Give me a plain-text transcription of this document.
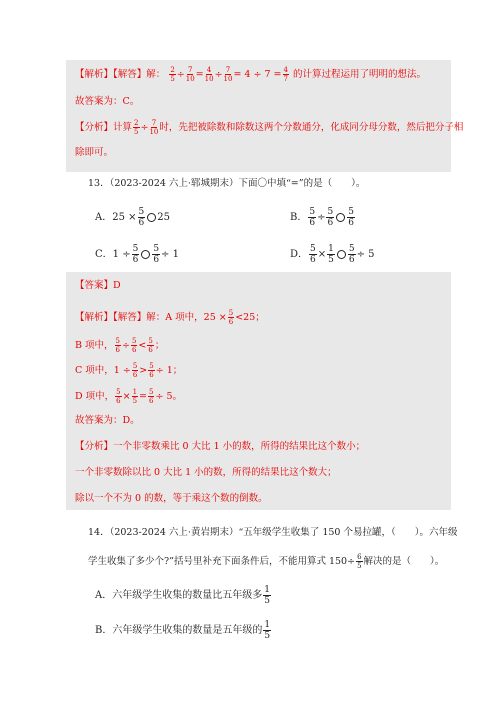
【解析】【解答】解： $\frac{2}{5} \div \frac{7}{10} = \frac{4}{10} \div \frac{7}{10} = 4 \div 7 = \frac{4}{7}$ 的计算过程运用了明明的想法。
故答案为：C。
【分析】计算 $\frac{2}{5} \div \frac{7}{10}$ 时，先把被除数和除数这两个分数通分，化成同分母分数，然后把分子相
除即可。
13．（2023-2024 六上·郓城期末）下面〇中填“=”的是（　　）。
A．$25 \times \frac{5}{6} 25$	B． $\frac{5}{6} \div \frac{5}{6} \frac{5}{6}$
C．$1 \div \frac{5}{6} \frac{5}{6} \div 1$	D． $\frac{5}{6} \times \frac{1}{5} \frac{5}{6} \div 5$
【答案】D
【解析】【解答】解：A 项中，$25 \times \frac{5}{6} <25$；
B 项中， $\frac{5}{6} \div \frac{5}{6} < \frac{5}{6}$ ；
C 项中，$1 \div \frac{5}{6} > \frac{5}{6} \div 1$；
D 项中， $\frac{5}{6} \times \frac{1}{5} = \frac{5}{6} \div 5$。
故答案为：D。
【分析】一个非零数乘比 0 大比 1 小的数，所得的结果比这个数小；
一个非零数除以比 0 大比 1 小的数，所得的结果比这个数大；
除以一个不为 0 的数，等于乘这个数的倒数。
14．（2023-2024 六上·黄岩期末）“五年级学生收集了 150 个易拉罐，（　　）。六年级
学生收集了多少个?”括号里补充下面条件后，不能用算式 $150\div \frac{6}{5}$ 解决的是（　　）。
A．六年级学生收集的数量比五年级多 $\frac{1}{5}$
B．六年级学生收集的数量是五年级的 $\frac{1}{5}$
